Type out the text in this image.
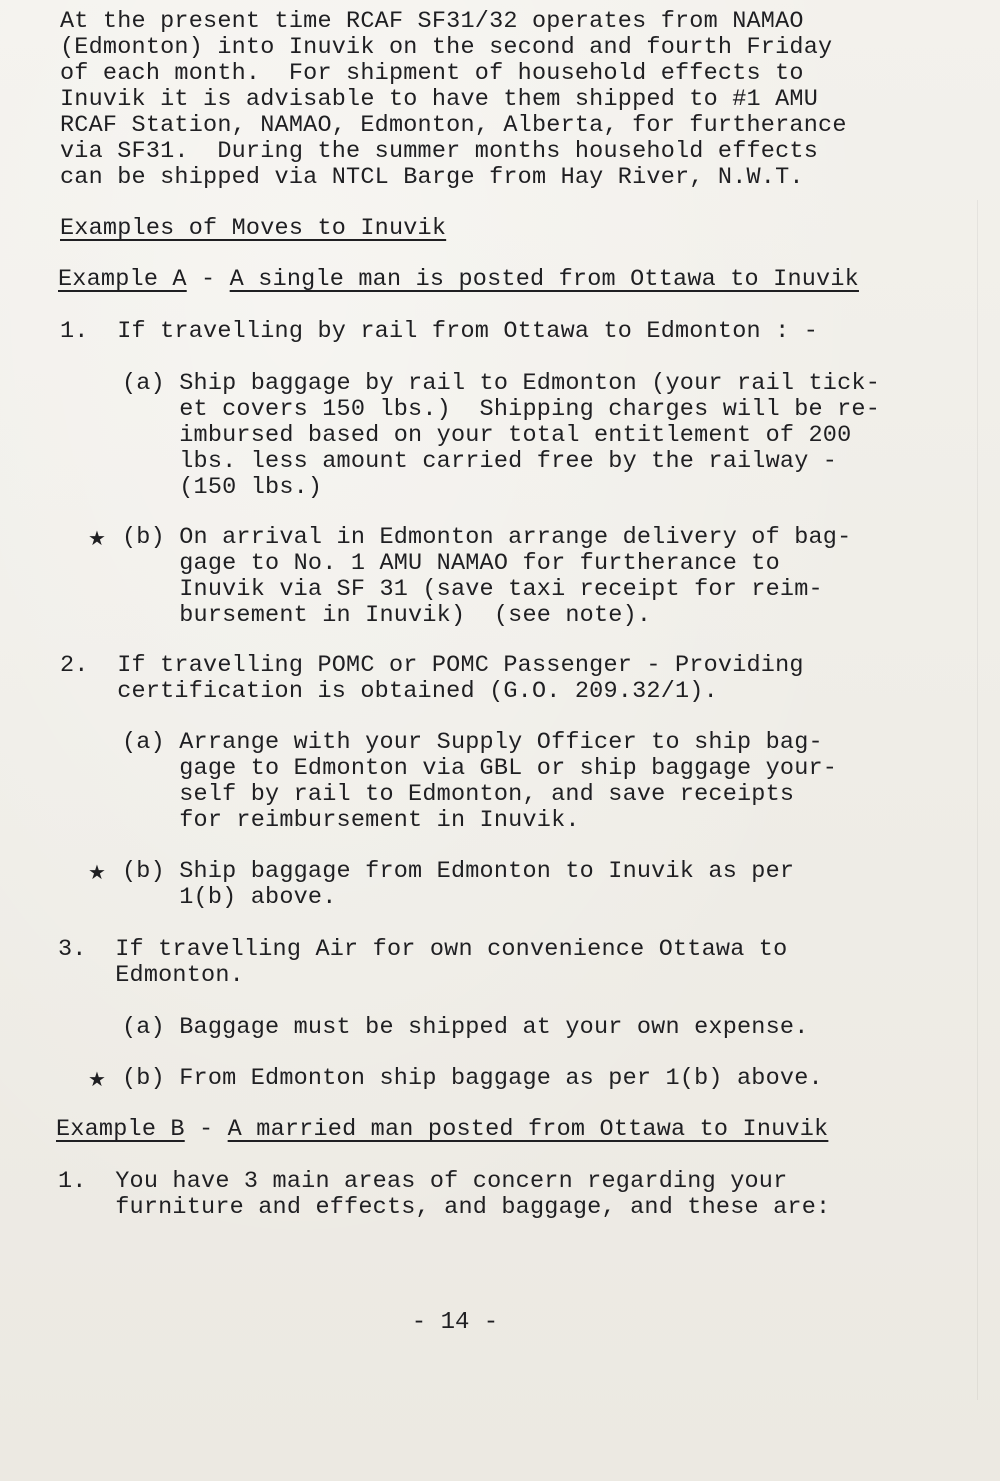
At the present time RCAF SF31/32 operates from NAMAO
(Edmonton) into Inuvik on the second and fourth Friday
of each month.  For shipment of household effects to
Inuvik it is advisable to have them shipped to #1 AMU
RCAF Station, NAMAO, Edmonton, Alberta, for furtherance
via SF31.  During the summer months household effects
can be shipped via NTCL Barge from Hay River, N.W.T.
Examples of Moves to Inuvik
Example A - A single man is posted from Ottawa to Inuvik
1.  If travelling by rail from Ottawa to Edmonton : -
(a) Ship baggage by rail to Edmonton (your rail tick-
et covers 150 lbs.)  Shipping charges will be re-
imbursed based on your total entitlement of 200
lbs. less amount carried free by the railway -
(150 lbs.)
★ (b) On arrival in Edmonton arrange delivery of bag-
gage to No. 1 AMU NAMAO for furtherance to
Inuvik via SF 31 (save taxi receipt for reim-
bursement in Inuvik)  (see note).
2.  If travelling POMC or POMC Passenger - Providing
certification is obtained (G.O. 209.32/1).
(a) Arrange with your Supply Officer to ship bag-
gage to Edmonton via GBL or ship baggage your-
self by rail to Edmonton, and save receipts
for reimbursement in Inuvik.
★ (b) Ship baggage from Edmonton to Inuvik as per
1(b) above.
3.  If travelling Air for own convenience Ottawa to
Edmonton.
(a) Baggage must be shipped at your own expense.
★ (b) From Edmonton ship baggage as per 1(b) above.
Example B - A married man posted from Ottawa to Inuvik
1.  You have 3 main areas of concern regarding your
furniture and effects, and baggage, and these are:
- 14 -
